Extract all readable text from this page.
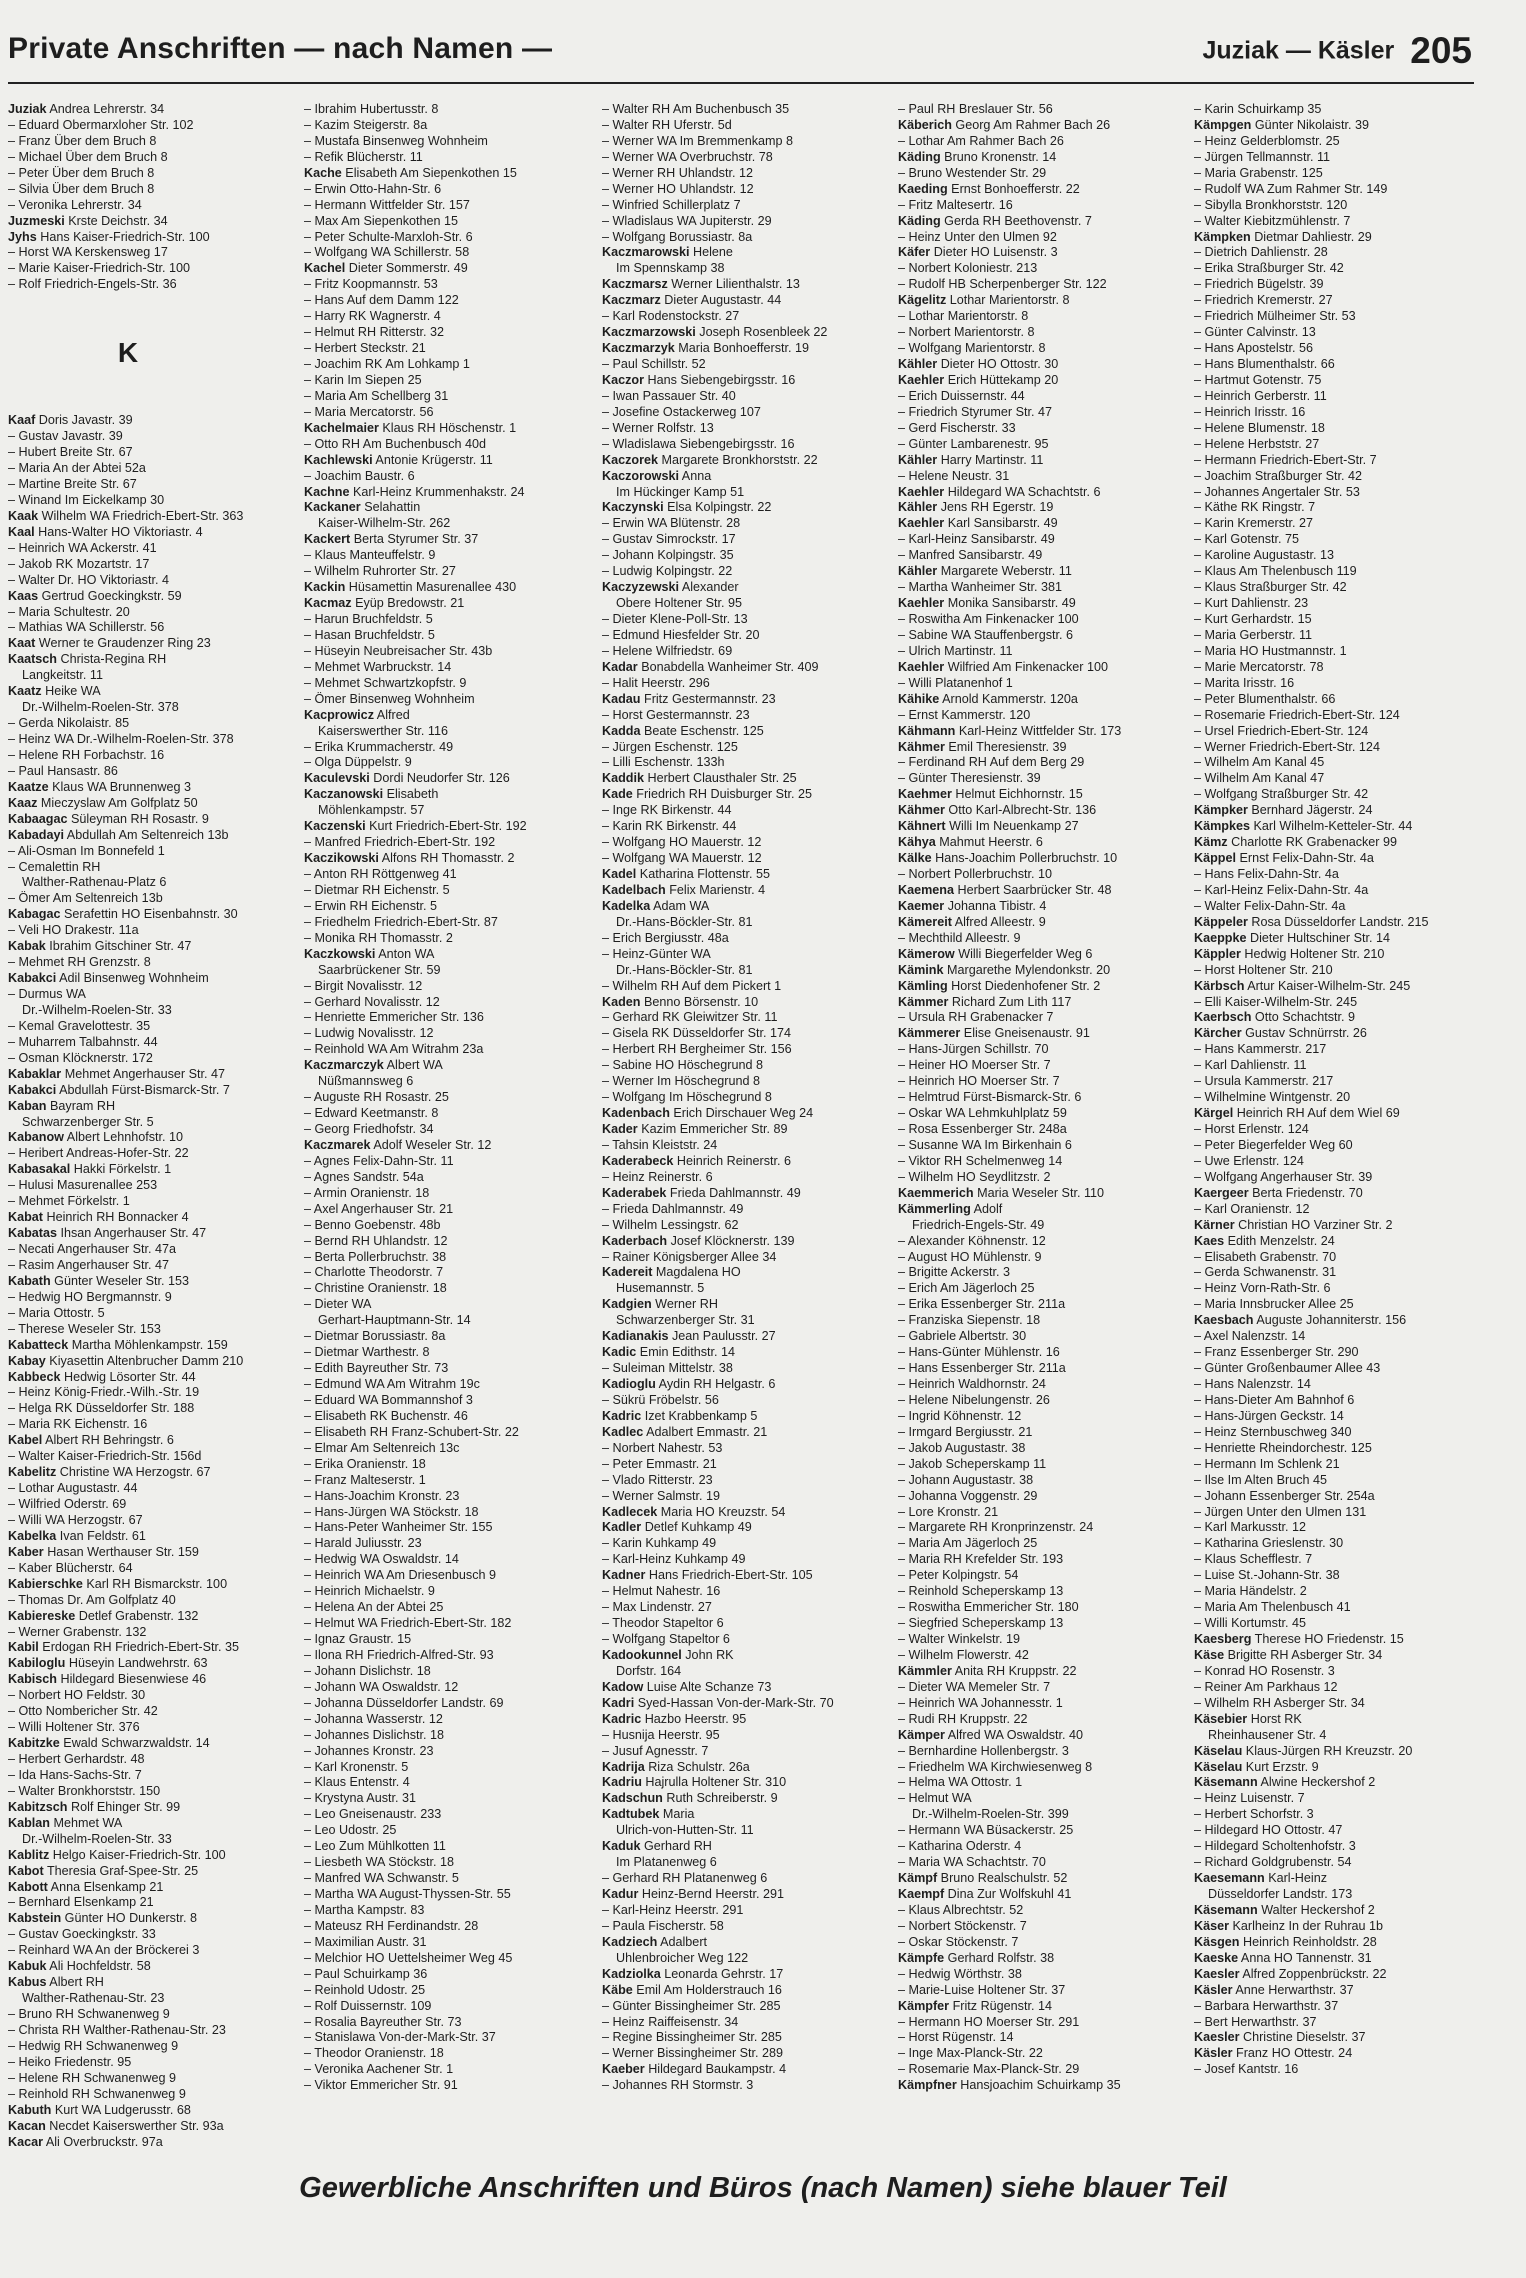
Private Anschriften — nach Namen —	Juziak — Käsler 205
Juziak Andrea Lehrerstr. 34
– Eduard Obermarxloher Str. 102
– Franz Über dem Bruch 8
– Michael Über dem Bruch 8
– Peter Über dem Bruch 8
– Silvia Über dem Bruch 8
– Veronika Lehrerstr. 34
Juzmeski Krste Deichstr. 34
Jyhs Hans Kaiser-Friedrich-Str. 100
– Horst WA Kerskensweg 17
– Marie Kaiser-Friedrich-Str. 100
– Rolf Friedrich-Engels-Str. 36
K
Kaaf Doris Javastr. 39
– Gustav Javastr. 39
– Hubert Breite Str. 67
– Maria An der Abtei 52a
– Martine Breite Str. 67
– Winand Im Eickelkamp 30
Kaak Wilhelm WA Friedrich-Ebert-Str. 363
Kaal Hans-Walter HO Viktoriastr. 4
– Heinrich WA Ackerstr. 41
– Jakob RK Mozartstr. 17
– Walter Dr. HO Viktoriastr. 4
Kaas Gertrud Goeckingkstr. 59
– Maria Schultestr. 20
– Mathias WA Schillerstr. 56
Kaat Werner te Graudenzer Ring 23
Kaatsch Christa-Regina RH
Langkeitstr. 11
Kaatz Heike WA
Dr.-Wilhelm-Roelen-Str. 378
– Gerda Nikolaistr. 85
– Heinz WA Dr.-Wilhelm-Roelen-Str. 378
– Helene RH Forbachstr. 16
– Paul Hansastr. 86
Kaatze Klaus WA Brunnenweg 3
Kaaz Mieczyslaw Am Golfplatz 50
Kabaagac Süleyman RH Rosastr. 9
Kabadayi Abdullah Am Seltenreich 13b
– Ali-Osman Im Bonnefeld 1
– Cemalettin RH
Walther-Rathenau-Platz 6
– Ömer Am Seltenreich 13b
Kabagac Serafettin HO Eisenbahnstr. 30
– Veli HO Drakestr. 11a
Kabak Ibrahim Gitschiner Str. 47
– Mehmet RH Grenzstr. 8
Kabakci Adil Binsenweg Wohnheim
– Durmus WA
Dr.-Wilhelm-Roelen-Str. 33
– Kemal Gravelottestr. 35
– Muharrem Talbahnstr. 44
– Osman Klöcknerstr. 172
Kabaklar Mehmet Angerhauser Str. 47
Kabakci Abdullah Fürst-Bismarck-Str. 7
Kaban Bayram RH
Schwarzenberger Str. 5
Kabanow Albert Lehnhofstr. 10
– Heribert Andreas-Hofer-Str. 22
Kabasakal Hakki Förkelstr. 1
– Hulusi Masurenallee 253
– Mehmet Förkelstr. 1
Kabat Heinrich RH Bonnacker 4
Kabatas Ihsan Angerhauser Str. 47
– Necati Angerhauser Str. 47a
– Rasim Angerhauser Str. 47
Kabath Günter Weseler Str. 153
– Hedwig HO Bergmannstr. 9
– Maria Ottostr. 5
– Therese Weseler Str. 153
Kabatteck Martha Möhlenkampstr. 159
Kabay Kiyasettin Altenbrucher Damm 210
Kabbeck Hedwig Lösorter Str. 44
– Heinz König-Friedr.-Wilh.-Str. 19
– Helga RK Düsseldorfer Str. 188
– Maria RK Eichenstr. 16
Kabel Albert RH Behringstr. 6
– Walter Kaiser-Friedrich-Str. 156d
Kabelitz Christine WA Herzogstr. 67
– Lothar Augustastr. 44
– Wilfried Oderstr. 69
– Willi WA Herzogstr. 67
Kabelka Ivan Feldstr. 61
Kaber Hasan Werthauser Str. 159
– Kaber Blücherstr. 64
Kabierschke Karl RH Bismarckstr. 100
– Thomas Dr. Am Golfplatz 40
Kabiereske Detlef Grabenstr. 132
– Werner Grabenstr. 132
Kabil Erdogan RH Friedrich-Ebert-Str. 35
Kabiloglu Hüseyin Landwehrstr. 63
Kabisch Hildegard Biesenwiese 46
– Norbert HO Feldstr. 30
– Otto Nombericher Str. 42
– Willi Holtener Str. 376
Kabitzke Ewald Schwarzwaldstr. 14
– Herbert Gerhardstr. 48
– Ida Hans-Sachs-Str. 7
– Walter Bronkhorststr. 150
Kabitzsch Rolf Ehinger Str. 99
Kablan Mehmet WA
Dr.-Wilhelm-Roelen-Str. 33
Kablitz Helgo Kaiser-Friedrich-Str. 100
Kabot Theresia Graf-Spee-Str. 25
Kabott Anna Elsenkamp 21
– Bernhard Elsenkamp 21
Kabstein Günter HO Dunkerstr. 8
– Gustav Goeckingkstr. 33
– Reinhard WA An der Bröckerei 3
Kabuk Ali Hochfeldstr. 58
Kabus Albert RH
Walther-Rathenau-Str. 23
– Bruno RH Schwanenweg 9
– Christa RH Walther-Rathenau-Str. 23
– Hedwig RH Schwanenweg 9
– Heiko Friedenstr. 95
– Helene RH Schwanenweg 9
– Reinhold RH Schwanenweg 9
Kabuth Kurt WA Ludgerusstr. 68
Kacan Necdet Kaiserswerther Str. 93a
Kacar Ali Overbruckstr. 97a
– Ibrahim Hubertusstr. 8
– Kazim Steigerstr. 8a
– Mustafa Binsenweg Wohnheim
– Refik Blücherstr. 11
Kache Elisabeth Am Siepenkothen 15
– Erwin Otto-Hahn-Str. 6
– Hermann Wittfelder Str. 157
– Max Am Siepenkothen 15
– Peter Schulte-Marxloh-Str. 6
– Wolfgang WA Schillerstr. 58
Kachel Dieter Sommerstr. 49
– Fritz Koopmannstr. 53
– Hans Auf dem Damm 122
– Harry RK Wagnerstr. 4
– Helmut RH Ritterstr. 32
– Herbert Steckstr. 21
– Joachim RK Am Lohkamp 1
– Karin Im Siepen 25
– Maria Am Schellberg 31
– Maria Mercatorstr. 56
Kachelmaier Klaus RH Höschenstr. 1
– Otto RH Am Buchenbusch 40d
Kachlewski Antonie Krügerstr. 11
– Joachim Baustr. 6
Kachne Karl-Heinz Krummenhakstr. 24
Kackaner Selahattin
Kaiser-Wilhelm-Str. 262
Kackert Berta Styrumer Str. 37
– Klaus Manteuffelstr. 9
– Wilhelm Ruhrorter Str. 27
Kackin Hüsamettin Masurenallee 430
Kacmaz Eyüp Bredowstr. 21
– Harun Bruchfeldstr. 5
– Hasan Bruchfeldstr. 5
– Hüseyin Neubreisacher Str. 43b
– Mehmet Warbruckstr. 14
– Mehmet Schwartzkopfstr. 9
– Ömer Binsenweg Wohnheim
Kacprowicz Alfred
Kaiserswerther Str. 116
– Erika Krummacherstr. 49
– Olga Düppelstr. 9
Kaculevski Dordi Neudorfer Str. 126
Kaczanowski Elisabeth
Möhlenkampstr. 57
Kaczenski Kurt Friedrich-Ebert-Str. 192
– Manfred Friedrich-Ebert-Str. 192
Kaczikowski Alfons RH Thomasstr. 2
– Anton RH Röttgenweg 41
– Dietmar RH Eichenstr. 5
– Erwin RH Eichenstr. 5
– Friedhelm Friedrich-Ebert-Str. 87
– Monika RH Thomasstr. 2
Kaczkowski Anton WA
Saarbrückener Str. 59
– Birgit Novalisstr. 12
– Gerhard Novalisstr. 12
– Henriette Emmericher Str. 136
– Ludwig Novalisstr. 12
– Reinhold WA Am Witrahm 23a
Kaczmarczyk Albert WA
Nüßmannsweg 6
– Auguste RH Rosastr. 25
– Edward Keetmanstr. 8
– Georg Friedhofstr. 34
Kaczmarek Adolf Weseler Str. 12
– Agnes Felix-Dahn-Str. 11
– Agnes Sandstr. 54a
– Armin Oranienstr. 18
– Axel Angerhauser Str. 21
– Benno Goebenstr. 48b
– Bernd RH Uhlandstr. 12
– Berta Pollerbruchstr. 38
– Charlotte Theodorstr. 7
– Christine Oranienstr. 18
– Dieter WA
Gerhart-Hauptmann-Str. 14
– Dietmar Borussiastr. 8a
– Dietmar Warthestr. 8
– Edith Bayreuther Str. 73
– Edmund WA Am Witrahm 19c
– Eduard WA Bommannshof 3
– Elisabeth RK Buchenstr. 46
– Elisabeth RH Franz-Schubert-Str. 22
– Elmar Am Seltenreich 13c
– Erika Oranienstr. 18
– Franz Malteserstr. 1
– Hans-Joachim Kronstr. 23
– Hans-Jürgen WA Stöckstr. 18
– Hans-Peter Wanheimer Str. 155
– Harald Juliusstr. 23
– Hedwig WA Oswaldstr. 14
– Heinrich WA Am Driesenbusch 9
– Heinrich Michaelstr. 9
– Helena An der Abtei 25
– Helmut WA Friedrich-Ebert-Str. 182
– Ignaz Graustr. 15
– Ilona RH Friedrich-Alfred-Str. 93
– Johann Dislichstr. 18
– Johann WA Oswaldstr. 12
– Johanna Düsseldorfer Landstr. 69
– Johanna Wasserstr. 12
– Johannes Dislichstr. 18
– Johannes Kronstr. 23
– Karl Kronenstr. 5
– Klaus Entenstr. 4
– Krystyna Austr. 31
– Leo Gneisenaustr. 233
– Leo Udostr. 25
– Leo Zum Mühlkotten 11
– Liesbeth WA Stöckstr. 18
– Manfred WA Schwanstr. 5
– Martha WA August-Thyssen-Str. 55
– Martha Kampstr. 83
– Mateusz RH Ferdinandstr. 28
– Maximilian Austr. 31
– Melchior HO Uettelsheimer Weg 45
– Paul Schuirkamp 36
– Reinhold Udostr. 25
– Rolf Duissernstr. 109
– Rosalia Bayreuther Str. 73
– Stanislawa Von-der-Mark-Str. 37
– Theodor Oranienstr. 18
– Veronika Aachener Str. 1
– Viktor Emmericher Str. 91
– Walter RH Am Buchenbusch 35
– Walter RH Uferstr. 5d
– Werner WA Im Bremmenkamp 8
– Werner WA Overbruchstr. 78
– Werner RH Uhlandstr. 12
– Werner HO Uhlandstr. 12
– Winfried Schillerplatz 7
– Wladislaus WA Jupiterstr. 29
– Wolfgang Borussiastr. 8a
Kaczmarowski Helene
Im Spennskamp 38
Kaczmarsz Werner Lilienthalstr. 13
Kaczmarz Dieter Augustastr. 44
– Karl Rodenstockstr. 27
Kaczmarzowski Joseph Rosenbleek 22
Kaczmarzyk Maria Bonhoefferstr. 19
– Paul Schillstr. 52
Kaczor Hans Siebengebirgsstr. 16
– Iwan Passauer Str. 40
– Josefine Ostackerweg 107
– Werner Rolfstr. 13
– Wladislawa Siebengebirgsstr. 16
Kaczorek Margarete Bronkhorststr. 22
Kaczorowski Anna
Im Hückinger Kamp 51
Kaczynski Elsa Kolpingstr. 22
– Erwin WA Blütenstr. 28
– Gustav Simrockstr. 17
– Johann Kolpingstr. 35
– Ludwig Kolpingstr. 22
Kaczyzewski Alexander
Obere Holtener Str. 95
– Dieter Klene-Poll-Str. 13
– Edmund Hiesfelder Str. 20
– Helene Wilfriedstr. 69
Kadar Bonabdella Wanheimer Str. 409
– Halit Heerstr. 296
Kadau Fritz Gestermannstr. 23
– Horst Gestermannstr. 23
Kadda Beate Eschenstr. 125
– Jürgen Eschenstr. 125
– Lilli Eschenstr. 133h
Kaddik Herbert Clausthaler Str. 25
Kade Friedrich RH Duisburger Str. 25
– Inge RK Birkenstr. 44
– Karin RK Birkenstr. 44
– Wolfgang HO Mauerstr. 12
– Wolfgang WA Mauerstr. 12
Kadel Katharina Flottenstr. 55
Kadelbach Felix Marienstr. 4
Kadelka Adam WA
Dr.-Hans-Böckler-Str. 81
– Erich Bergiusstr. 48a
– Heinz-Günter WA
Dr.-Hans-Böckler-Str. 81
– Wilhelm RH Auf dem Pickert 1
Kaden Benno Börsenstr. 10
– Gerhard RK Gleiwitzer Str. 11
– Gisela RK Düsseldorfer Str. 174
– Herbert RH Bergheimer Str. 156
– Sabine HO Höschegrund 8
– Werner Im Höschegrund 8
– Wolfgang Im Höschegrund 8
Kadenbach Erich Dirschauer Weg 24
Kader Kazim Emmericher Str. 89
– Tahsin Kleiststr. 24
Kaderabeck Heinrich Reinerstr. 6
– Heinz Reinerstr. 6
Kaderabek Frieda Dahlmannstr. 49
– Frieda Dahlmannstr. 49
– Wilhelm Lessingstr. 62
Kaderbach Josef Klöcknerstr. 139
– Rainer Königsberger Allee 34
Kadereit Magdalena HO
Husemannstr. 5
Kadgien Werner RH
Schwarzenberger Str. 31
Kadianakis Jean Paulusstr. 27
Kadic Emin Edithstr. 14
– Suleiman Mittelstr. 38
Kadioglu Aydin RH Helgastr. 6
– Sükrü Fröbelstr. 56
Kadric Izet Krabbenkamp 5
Kadlec Adalbert Emmastr. 21
– Norbert Nahestr. 53
– Peter Emmastr. 21
– Vlado Ritterstr. 23
– Werner Salmstr. 19
Kadlecek Maria HO Kreuzstr. 54
Kadler Detlef Kuhkamp 49
– Karin Kuhkamp 49
– Karl-Heinz Kuhkamp 49
Kadner Hans Friedrich-Ebert-Str. 105
– Helmut Nahestr. 16
– Max Lindenstr. 27
– Theodor Stapeltor 6
– Wolfgang Stapeltor 6
Kadookunnel John RK
Dorfstr. 164
Kadow Luise Alte Schanze 73
Kadri Syed-Hassan Von-der-Mark-Str. 70
Kadric Hazbo Heerstr. 95
– Husnija Heerstr. 95
– Jusuf Agnesstr. 7
Kadrija Riza Schulstr. 26a
Kadriu Hajrulla Holtener Str. 310
Kadschun Ruth Schreiberstr. 9
Kadtubek Maria
Ulrich-von-Hutten-Str. 11
Kaduk Gerhard RH
Im Platanenweg 6
– Gerhard RH Platanenweg 6
Kadur Heinz-Bernd Heerstr. 291
– Karl-Heinz Heerstr. 291
– Paula Fischerstr. 58
Kadziech Adalbert
Uhlenbroicher Weg 122
Kadziolka Leonarda Gehrstr. 17
Käbe Emil Am Holderstrauch 16
– Günter Bissingheimer Str. 285
– Heinz Raiffeisenstr. 34
– Regine Bissingheimer Str. 285
– Werner Bissingheimer Str. 289
Kaeber Hildegard Baukampstr. 4
– Johannes RH Stormstr. 3
– Paul RH Breslauer Str. 56
Käberich Georg Am Rahmer Bach 26
– Lothar Am Rahmer Bach 26
Käding Bruno Kronenstr. 14
– Bruno Westender Str. 29
Kaeding Ernst Bonhoefferstr. 22
– Fritz Maltesertr. 16
Käding Gerda RH Beethovenstr. 7
– Heinz Unter den Ulmen 92
Käfer Dieter HO Luisenstr. 3
– Norbert Koloniestr. 213
– Rudolf HB Scherpenberger Str. 122
Kägelitz Lothar Marientorstr. 8
– Lothar Marientorstr. 8
– Norbert Marientorstr. 8
– Wolfgang Marientorstr. 8
Kähler Dieter HO Ottostr. 30
Kaehler Erich Hüttekamp 20
– Erich Duissernstr. 44
– Friedrich Styrumer Str. 47
– Gerd Fischerstr. 33
– Günter Lambarenestr. 95
Kähler Harry Martinstr. 11
– Helene Neustr. 31
Kaehler Hildegard WA Schachtstr. 6
Kähler Jens RH Egerstr. 19
Kaehler Karl Sansibarstr. 49
– Karl-Heinz Sansibarstr. 49
– Manfred Sansibarstr. 49
Kähler Margarete Weberstr. 11
– Martha Wanheimer Str. 381
Kaehler Monika Sansibarstr. 49
– Roswitha Am Finkenacker 100
– Sabine WA Stauffenbergstr. 6
– Ulrich Martinstr. 11
Kaehler Wilfried Am Finkenacker 100
– Willi Platanenhof 1
Kähike Arnold Kammerstr. 120a
– Ernst Kammerstr. 120
Kähmann Karl-Heinz Wittfelder Str. 173
Kähmer Emil Theresienstr. 39
– Ferdinand RH Auf dem Berg 29
– Günter Theresienstr. 39
Kaehmer Helmut Eichhornstr. 15
Kähmer Otto Karl-Albrecht-Str. 136
Kähnert Willi Im Neuenkamp 27
Kähya Mahmut Heerstr. 6
Kälke Hans-Joachim Pollerbruchstr. 10
– Norbert Pollerbruchstr. 10
Kaemena Herbert Saarbrücker Str. 48
Kaemer Johanna Tibistr. 4
Kämereit Alfred Alleestr. 9
– Mechthild Alleestr. 9
Kämerow Willi Biegerfelder Weg 6
Kämink Margarethe Mylendonkstr. 20
Kämling Horst Diedenhofener Str. 2
Kämmer Richard Zum Lith 117
– Ursula RH Grabenacker 7
Kämmerer Elise Gneisenaustr. 91
– Hans-Jürgen Schillstr. 70
– Heiner HO Moerser Str. 7
– Heinrich HO Moerser Str. 7
– Helmtrud Fürst-Bismarck-Str. 6
– Oskar WA Lehmkuhlplatz 59
– Rosa Essenberger Str. 248a
– Susanne WA Im Birkenhain 6
– Viktor RH Schelmenweg 14
– Wilhelm HO Seydlitzstr. 2
Kaemmerich Maria Weseler Str. 110
Kämmerling Adolf
Friedrich-Engels-Str. 49
– Alexander Köhnenstr. 12
– August HO Mühlenstr. 9
– Brigitte Ackerstr. 3
– Erich Am Jägerloch 25
– Erika Essenberger Str. 211a
– Franziska Siepenstr. 18
– Gabriele Albertstr. 30
– Hans-Günter Mühlenstr. 16
– Hans Essenberger Str. 211a
– Heinrich Waldhornstr. 24
– Helene Nibelungenstr. 26
– Ingrid Köhnenstr. 12
– Irmgard Bergiusstr. 21
– Jakob Augustastr. 38
– Jakob Scheperskamp 11
– Johann Augustastr. 38
– Johanna Voggenstr. 29
– Lore Kronstr. 21
– Margarete RH Kronprinzenstr. 24
– Maria Am Jägerloch 25
– Maria RH Krefelder Str. 193
– Peter Kolpingstr. 54
– Reinhold Scheperskamp 13
– Roswitha Emmericher Str. 180
– Siegfried Scheperskamp 13
– Walter Winkelstr. 19
– Wilhelm Flowerstr. 42
Kämmler Anita RH Kruppstr. 22
– Dieter WA Memeler Str. 7
– Heinrich WA Johannesstr. 1
– Rudi RH Kruppstr. 22
Kämper Alfred WA Oswaldstr. 40
– Bernhardine Hollenbergstr. 3
– Friedhelm WA Kirchwiesenweg 8
– Helma WA Ottostr. 1
– Helmut WA
Dr.-Wilhelm-Roelen-Str. 399
– Hermann WA Büsackerstr. 25
– Katharina Oderstr. 4
– Maria WA Schachtstr. 70
Kämpf Bruno Realschulstr. 52
Kaempf Dina Zur Wolfskuhl 41
– Klaus Albrechtstr. 52
– Norbert Stöckenstr. 7
– Oskar Stöckenstr. 7
Kämpfe Gerhard Rolfstr. 38
– Hedwig Wörthstr. 38
– Marie-Luise Holtener Str. 37
Kämpfer Fritz Rügenstr. 14
– Hermann HO Moerser Str. 291
– Horst Rügenstr. 14
– Inge Max-Planck-Str. 22
– Rosemarie Max-Planck-Str. 29
Kämpfner Hansjoachim Schuirkamp 35
– Karin Schuirkamp 35
Kämpgen Günter Nikolaistr. 39
– Heinz Gelderblomstr. 25
– Jürgen Tellmannstr. 11
– Maria Grabenstr. 125
– Rudolf WA Zum Rahmer Str. 149
– Sibylla Bronkhorststr. 120
– Walter Kiebitzmühlenstr. 7
Kämpken Dietmar Dahliestr. 29
– Dietrich Dahlienstr. 28
– Erika Straßburger Str. 42
– Friedrich Bügelstr. 39
– Friedrich Kremerstr. 27
– Friedrich Mülheimer Str. 53
– Günter Calvinstr. 13
– Hans Apostelstr. 56
– Hans Blumenthalstr. 66
– Hartmut Gotenstr. 75
– Heinrich Gerberstr. 11
– Heinrich Irisstr. 16
– Helene Blumenstr. 18
– Helene Herbststr. 27
– Hermann Friedrich-Ebert-Str. 7
– Joachim Straßburger Str. 42
– Johannes Angertaler Str. 53
– Käthe RK Ringstr. 7
– Karin Kremerstr. 27
– Karl Gotenstr. 75
– Karoline Augustastr. 13
– Klaus Am Thelenbusch 119
– Klaus Straßburger Str. 42
– Kurt Dahlienstr. 23
– Kurt Gerhardstr. 15
– Maria Gerberstr. 11
– Maria HO Hustmannstr. 1
– Marie Mercatorstr. 78
– Marita Irisstr. 16
– Peter Blumenthalstr. 66
– Rosemarie Friedrich-Ebert-Str. 124
– Ursel Friedrich-Ebert-Str. 124
– Werner Friedrich-Ebert-Str. 124
– Wilhelm Am Kanal 45
– Wilhelm Am Kanal 47
– Wolfgang Straßburger Str. 42
Kämpker Bernhard Jägerstr. 24
Kämpkes Karl Wilhelm-Ketteler-Str. 44
Kämz Charlotte RK Grabenacker 99
Käppel Ernst Felix-Dahn-Str. 4a
– Hans Felix-Dahn-Str. 4a
– Karl-Heinz Felix-Dahn-Str. 4a
– Walter Felix-Dahn-Str. 4a
Käppeler Rosa Düsseldorfer Landstr. 215
Kaeppke Dieter Hultschiner Str. 14
Käppler Hedwig Holtener Str. 210
– Horst Holtener Str. 210
Kärbsch Artur Kaiser-Wilhelm-Str. 245
– Elli Kaiser-Wilhelm-Str. 245
Kaerbsch Otto Schachtstr. 9
Kärcher Gustav Schnürrstr. 26
– Hans Kammerstr. 217
– Karl Dahlienstr. 11
– Ursula Kammerstr. 217
– Wilhelmine Wintgenstr. 20
Kärgel Heinrich RH Auf dem Wiel 69
– Horst Erlenstr. 124
– Peter Biegerfelder Weg 60
– Uwe Erlenstr. 124
– Wolfgang Angerhauser Str. 39
Kaergeer Berta Friedenstr. 70
– Karl Oranienstr. 12
Kärner Christian HO Varziner Str. 2
Kaes Edith Menzelstr. 24
– Elisabeth Grabenstr. 70
– Gerda Schwanenstr. 31
– Heinz Vorn-Rath-Str. 6
– Maria Innsbrucker Allee 25
Kaesbach Auguste Johanniterstr. 156
– Axel Nalenzstr. 14
– Franz Essenberger Str. 290
– Günter Großenbaumer Allee 43
– Hans Nalenzstr. 14
– Hans-Dieter Am Bahnhof 6
– Hans-Jürgen Geckstr. 14
– Heinz Sternbuschweg 340
– Henriette Rheindorchestr. 125
– Hermann Im Schlenk 21
– Ilse Im Alten Bruch 45
– Johann Essenberger Str. 254a
– Jürgen Unter den Ulmen 131
– Karl Markusstr. 12
– Katharina Grieslenstr. 30
– Klaus Schefflestr. 7
– Luise St.-Johann-Str. 38
– Maria Händelstr. 2
– Maria Am Thelenbusch 41
– Willi Kortumstr. 45
Kaesberg Therese HO Friedenstr. 15
Käse Brigitte RH Asberger Str. 34
– Konrad HO Rosenstr. 3
– Reiner Am Parkhaus 12
– Wilhelm RH Asberger Str. 34
Käsebier Horst RK
Rheinhausener Str. 4
Käselau Klaus-Jürgen RH Kreuzstr. 20
Käselau Kurt Erzstr. 9
Käsemann Alwine Heckershof 2
– Heinz Luisenstr. 7
– Herbert Schorfstr. 3
– Hildegard HO Ottostr. 47
– Hildegard Scholtenhofstr. 3
– Richard Goldgrubenstr. 54
Kaesemann Karl-Heinz
Düsseldorfer Landstr. 173
Käsemann Walter Heckershof 2
Käser Karlheinz In der Ruhrau 1b
Käsgen Heinrich Reinholdstr. 28
Kaeske Anna HO Tannenstr. 31
Kaesler Alfred Zoppenbrückstr. 22
Käsler Anne Herwarthstr. 37
– Barbara Herwarthstr. 37
– Bert Herwarthstr. 37
Kaesler Christine Dieselstr. 37
Käsler Franz HO Ottestr. 24
– Josef Kantstr. 16
Gewerbliche Anschriften und Büros (nach Namen) siehe blauer Teil
